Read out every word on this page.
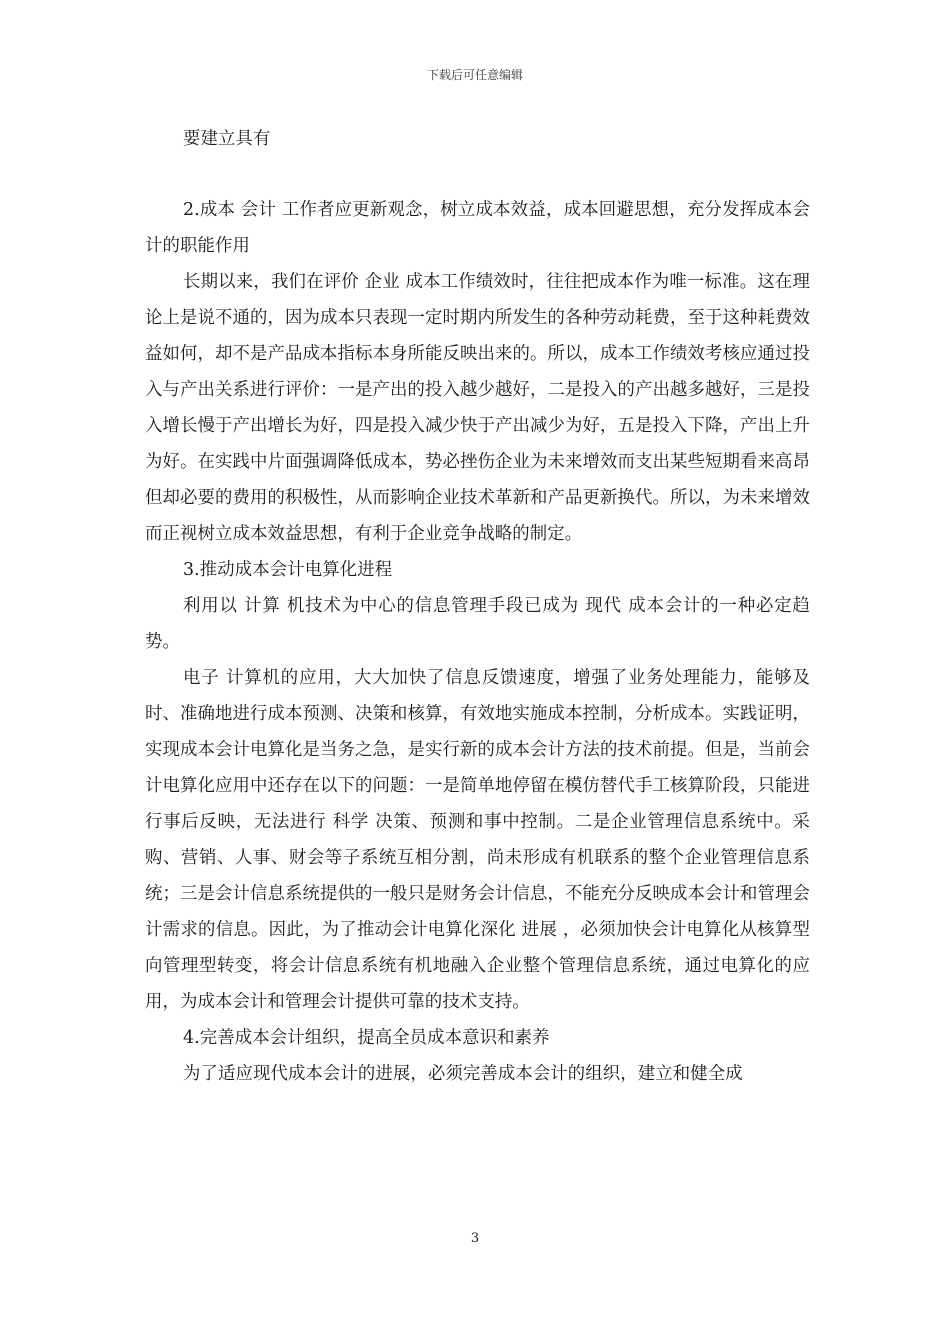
下载后可任意编辑

要建立具有

2.成本 会计 工作者应更新观念，树立成本效益，成本回避思想，充分发挥成本会计的职能作用

长期以来，我们在评价 企业 成本工作绩效时，往往把成本作为唯一标准。这在理论上是说不通的，因为成本只表现一定时期内所发生的各种劳动耗费，至于这种耗费效益如何，却不是产品成本指标本身所能反映出来的。所以，成本工作绩效考核应通过投入与产出关系进行评价：一是产出的投入越少越好，二是投入的产出越多越好，三是投入增长慢于产出增长为好，四是投入减少快于产出减少为好，五是投入下降，产出上升为好。在实践中片面强调降低成本，势必挫伤企业为未来增效而支出某些短期看来高昂但却必要的费用的积极性，从而影响企业技术革新和产品更新换代。所以，为未来增效而正视树立成本效益思想，有利于企业竞争战略的制定。

3.推动成本会计电算化进程

利用以 计算 机技术为中心的信息管理手段已成为 现代 成本会计的一种必定趋势。

电子 计算机的应用，大大加快了信息反馈速度，增强了业务处理能力，能够及时、准确地进行成本预测、决策和核算，有效地实施成本控制，分析成本。实践证明，实现成本会计电算化是当务之急，是实行新的成本会计方法的技术前提。但是，当前会计电算化应用中还存在以下的问题：一是简单地停留在模仿替代手工核算阶段，只能进行事后反映，无法进行 科学 决策、预测和事中控制。二是企业管理信息系统中。采购、营销、人事、财会等子系统互相分割，尚未形成有机联系的整个企业管理信息系统；三是会计信息系统提供的一般只是财务会计信息，不能充分反映成本会计和管理会计需求的信息。因此，为了推动会计电算化深化 进展 ，必须加快会计电算化从核算型向管理型转变，将会计信息系统有机地融入企业整个管理信息系统，通过电算化的应用，为成本会计和管理会计提供可靠的技术支持。

4.完善成本会计组织，提高全员成本意识和素养

为了适应现代成本会计的进展，必须完善成本会计的组织，建立和健全成

3
